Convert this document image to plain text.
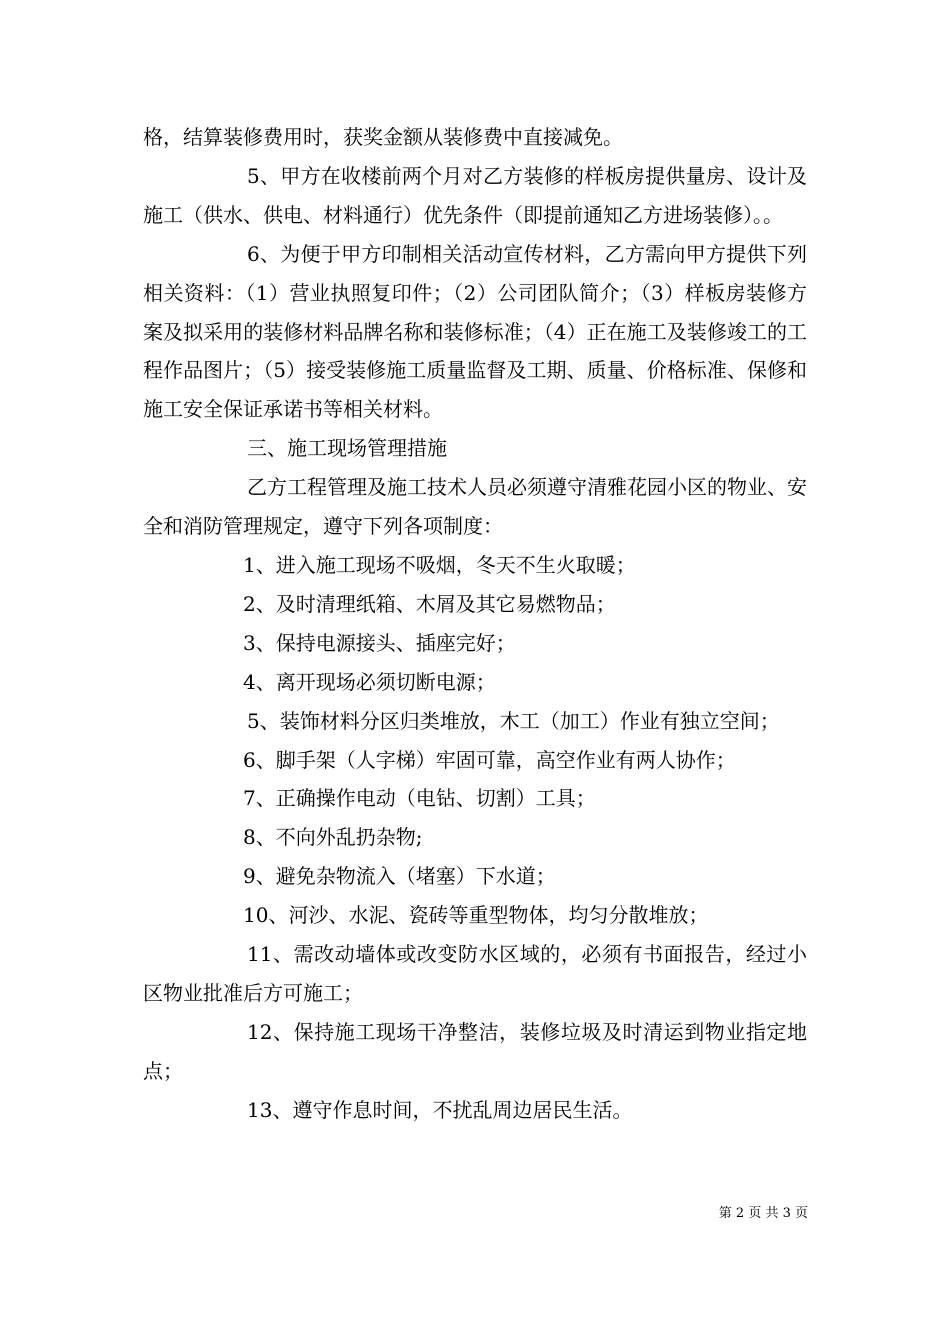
格，结算装修费用时，获奖金额从装修费中直接减免。

5、甲方在收楼前两个月对乙方装修的样板房提供量房、设计及施工（供水、供电、材料通行）优先条件（即提前通知乙方进场装修）。。

6、为便于甲方印制相关活动宣传材料，乙方需向甲方提供下列相关资料：（1）营业执照复印件；（2）公司团队简介；（3）样板房装修方案及拟采用的装修材料品牌名称和装修标准；（4）正在施工及装修竣工的工程作品图片；（5）接受装修施工质量监督及工期、质量、价格标准、保修和施工安全保证承诺书等相关材料。

三、施工现场管理措施

乙方工程管理及施工技术人员必须遵守清雅花园小区的物业、安全和消防管理规定，遵守下列各项制度：

1、进入施工现场不吸烟，冬天不生火取暖；

2、及时清理纸箱、木屑及其它易燃物品；

3、保持电源接头、插座完好；

4、离开现场必须切断电源；

5、装饰材料分区归类堆放，木工（加工）作业有独立空间；

6、脚手架（人字梯）牢固可靠，高空作业有两人协作；

7、正确操作电动（电钻、切割）工具；

8、不向外乱扔杂物;

9、避免杂物流入（堵塞）下水道；

10、河沙、水泥、瓷砖等重型物体，均匀分散堆放；

11、需改动墙体或改变防水区域的，必须有书面报告，经过小区物业批准后方可施工；

12、保持施工现场干净整洁，装修垃圾及时清运到物业指定地点；

13、遵守作息时间，不扰乱周边居民生活。

第 2 页 共 3 页
